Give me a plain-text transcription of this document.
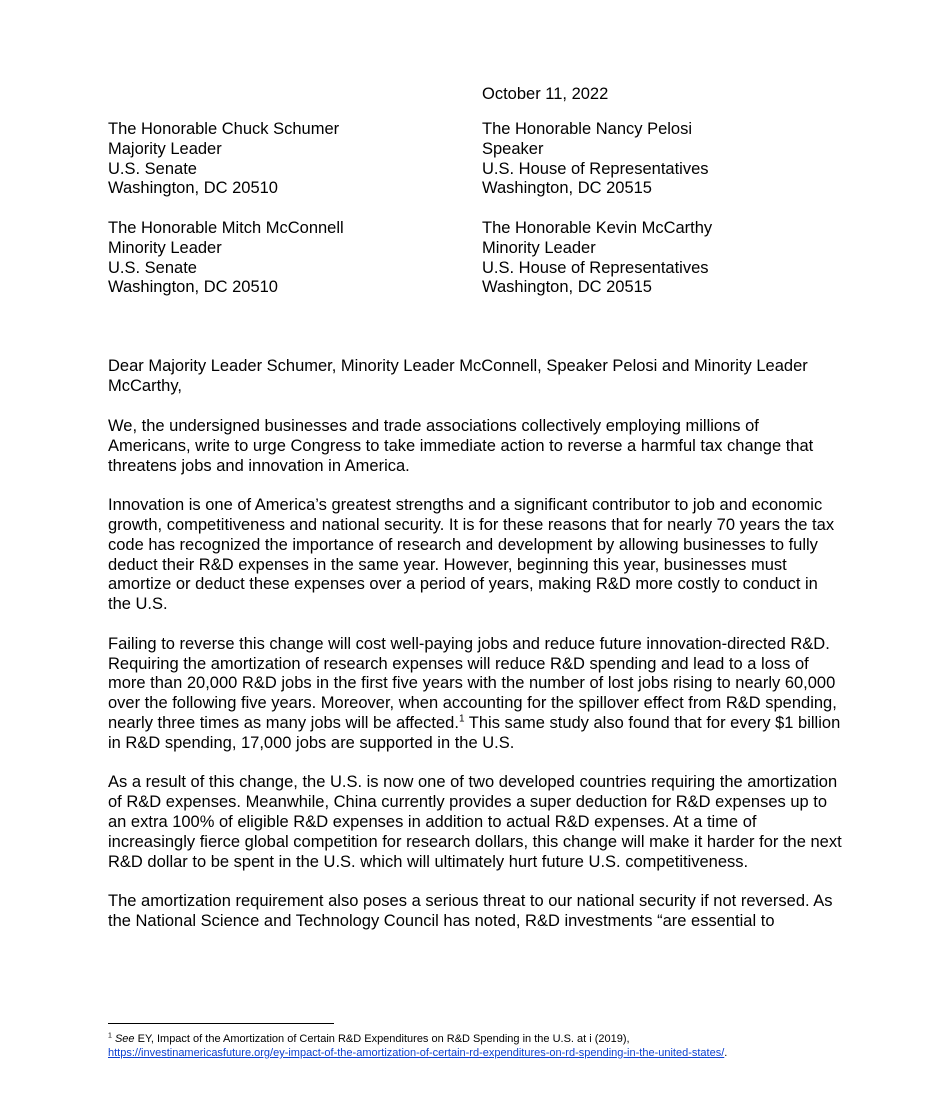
October 11, 2022
The Honorable Chuck Schumer
Majority Leader
U.S. Senate
Washington, DC 20510
The Honorable Nancy Pelosi
Speaker
U.S. House of Representatives
Washington, DC 20515
The Honorable Mitch McConnell
Minority Leader
U.S. Senate
Washington, DC 20510
The Honorable Kevin McCarthy
Minority Leader
U.S. House of Representatives
Washington, DC 20515
Dear Majority Leader Schumer, Minority Leader McConnell, Speaker Pelosi and Minority Leader McCarthy,

We, the undersigned businesses and trade associations collectively employing millions of Americans, write to urge Congress to take immediate action to reverse a harmful tax change that threatens jobs and innovation in America.

Innovation is one of America’s greatest strengths and a significant contributor to job and economic growth, competitiveness and national security. It is for these reasons that for nearly 70 years the tax code has recognized the importance of research and development by allowing businesses to fully deduct their R&D expenses in the same year. However, beginning this year, businesses must amortize or deduct these expenses over a period of years, making R&D more costly to conduct in the U.S.

Failing to reverse this change will cost well-paying jobs and reduce future innovation-directed R&D. Requiring the amortization of research expenses will reduce R&D spending and lead to a loss of more than 20,000 R&D jobs in the first five years with the number of lost jobs rising to nearly 60,000 over the following five years. Moreover, when accounting for the spillover effect from R&D spending, nearly three times as many jobs will be affected.$^1$ This same study also found that for every $1 billion in R&D spending, 17,000 jobs are supported in the U.S.

As a result of this change, the U.S. is now one of two developed countries requiring the amortization of R&D expenses. Meanwhile, China currently provides a super deduction for R&D expenses up to an extra 100% of eligible R&D expenses in addition to actual R&D expenses. At a time of increasingly fierce global competition for research dollars, this change will make it harder for the next R&D dollar to be spent in the U.S. which will ultimately hurt future U.S. competitiveness.

The amortization requirement also poses a serious threat to our national security if not reversed. As the National Science and Technology Council has noted, R&D investments “are essential to

$^1$ See EY, Impact of the Amortization of Certain R&D Expenditures on R&D Spending in the U.S. at i (2019),
https://investinamericasfuture.org/ey-impact-of-the-amortization-of-certain-rd-expenditures-on-rd-spending-in-the-united-states/.
